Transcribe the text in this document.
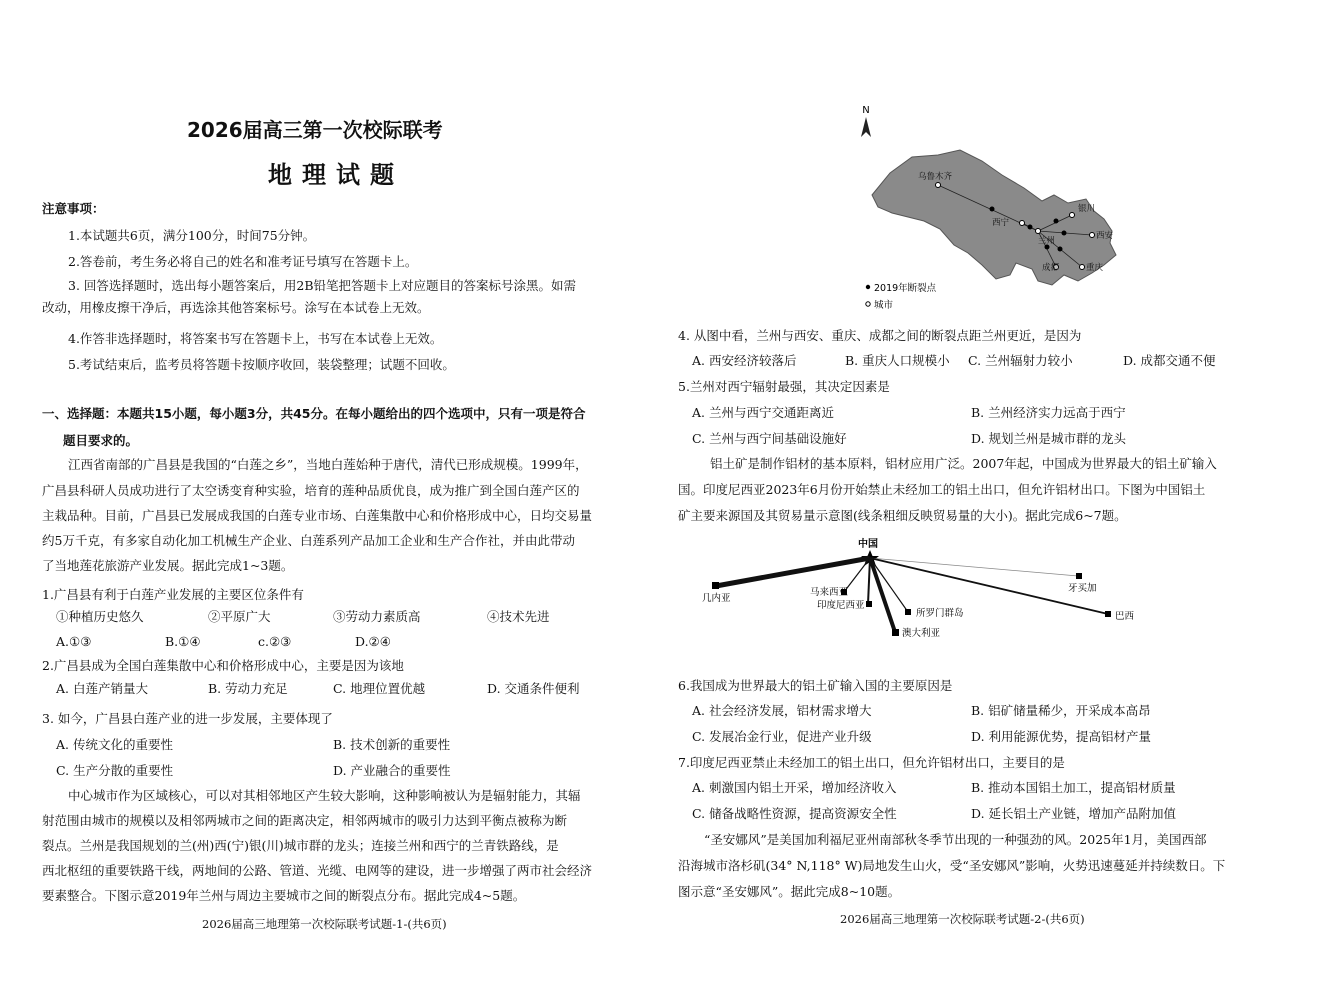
2026届高三第一次校际联考
地理试题
注意事项：
1.本试题共6页，满分100分，时间75分钟。
2.答卷前，考生务必将自己的姓名和准考证号填写在答题卡上。
3. 回答选择题时，选出每小题答案后，用2B铅笔把答题卡上对应题目的答案标号涂黑。如需
改动，用橡皮擦干净后，再选涂其他答案标号。涂写在本试卷上无效。
4.作答非选择题时，将答案书写在答题卡上，书写在本试卷上无效。
5.考试结束后，监考员将答题卡按顺序收回，装袋整理；试题不回收。
一、选择题：本题共15小题，每小题3分，共45分。在每小题给出的四个选项中，只有一项是符合
题目要求的。
江西省南部的广昌县是我国的“白莲之乡”，当地白莲始种于唐代，清代已形成规模。1999年，
广昌县科研人员成功进行了太空诱变育种实验，培育的莲种品质优良，成为推广到全国白莲产区的
主栽品种。目前，广昌县已发展成我国的白莲专业市场、白莲集散中心和价格形成中心，日均交易量
约5万千克，有多家自动化加工机械生产企业、白莲系列产品加工企业和生产合作社，并由此带动
了当地莲花旅游产业发展。据此完成1~3题。
1.广昌县有利于白莲产业发展的主要区位条件有
①种植历史悠久	②平原广大	③劳动力素质高	④技术先进
A.①③	B.①④	c.②③	D.②④
2.广昌县成为全国白莲集散中心和价格形成中心，主要是因为该地
A. 白莲产销量大	B. 劳动力充足	C. 地理位置优越	D. 交通条件便利
3. 如今，广昌县白莲产业的进一步发展，主要体现了
A. 传统文化的重要性	B. 技术创新的重要性
C. 生产分散的重要性	D. 产业融合的重要性
中心城市作为区域核心，可以对其相邻地区产生较大影响，这种影响被认为是辐射能力，其辐
射范围由城市的规模以及相邻两城市之间的距离决定，相邻两城市的吸引力达到平衡点被称为断
裂点。兰州是我国规划的兰(州)西(宁)银(川)城市群的龙头；连接兰州和西宁的兰青铁路线，是
西北枢纽的重要铁路干线，两地间的公路、管道、光缆、电网等的建设，进一步增强了两市社会经济
要素整合。下图示意2019年兰州与周边主要城市之间的断裂点分布。据此完成4~5题。
2026届高三地理第一次校际联考试题-1-(共6页)
N
乌鲁木齐
银川
西宁
兰州	西安
成都	重庆
2019年断裂点
城市
4. 从图中看，兰州与西安、重庆、成都之间的断裂点距兰州更近，是因为
A. 西安经济较落后	B. 重庆人口规模小 C. 兰州辐射力较小	D. 成都交通不便
5.兰州对西宁辐射最强，其决定因素是
A. 兰州与西宁交通距离近	B. 兰州经济实力远高于西宁
C. 兰州与西宁间基础设施好	D. 规划兰州是城市群的龙头
铝土矿是制作铝材的基本原料，铝材应用广泛。2007年起，中国成为世界最大的铝土矿输入
国。印度尼西亚2023年6月份开始禁止未经加工的铝土出口，但允许铝材出口。下图为中国铝土
矿主要来源国及其贸易量示意图(线条粗细反映贸易量的大小)。据此完成6~7题。
中国
几内亚
马来西亚
印度尼西亚
澳大利亚
所罗门群岛
牙买加
巴西
6.我国成为世界最大的铝土矿输入国的主要原因是
A. 社会经济发展，铝材需求增大	B. 铝矿储量稀少，开采成本高昂
C. 发展冶金行业，促进产业升级	D. 利用能源优势，提高铝材产量
7.印度尼西亚禁止未经加工的铝土出口，但允许铝材出口，主要目的是
A. 刺激国内铝土开采，增加经济收入	B. 推动本国铝土加工，提高铝材质量
C. 储备战略性资源，提高资源安全性	D. 延长铝土产业链，增加产品附加值
“圣安娜风”是美国加利福尼亚州南部秋冬季节出现的一种强劲的风。2025年1月，美国西部
沿海城市洛杉矶(34° N,118° W)局地发生山火，受“圣安娜风”影响，火势迅速蔓延并持续数日。下
图示意“圣安娜风”。据此完成8~10题。
2026届高三地理第一次校际联考试题-2-(共6页)
